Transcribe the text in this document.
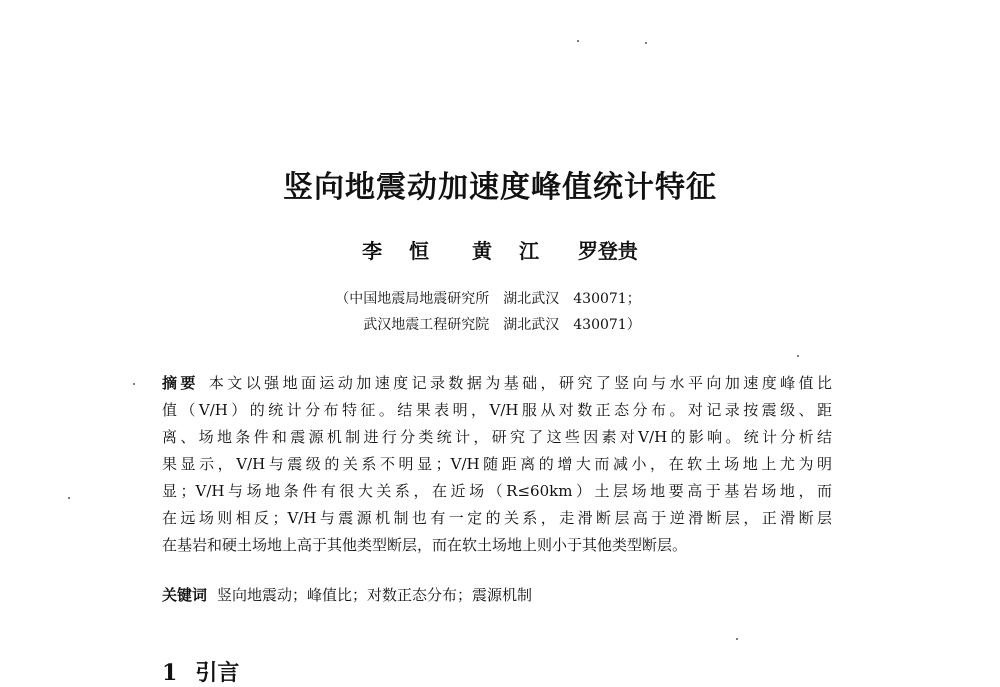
竖向地震动加速度峰值统计特征
李 恒 黄 江 罗登贵
（中国地震局地震研究所　湖北武汉　430071；
武汉地震工程研究院　湖北武汉　430071）
摘要 本文以强地面运动加速度记录数据为基础，研究了竖向与水平向加速度峰值比
值（V/H）的统计分布特征。结果表明，V/H服从对数正态分布。对记录按震级、距
离、场地条件和震源机制进行分类统计，研究了这些因素对V/H的影响。统计分析结
果显示，V/H与震级的关系不明显；V/H随距离的增大而减小，在软土场地上尤为明
显；V/H与场地条件有很大关系，在近场（R≤60km）土层场地要高于基岩场地，而
在远场则相反；V/H与震源机制也有一定的关系，走滑断层高于逆滑断层，正滑断层
在基岩和硬土场地上高于其他类型断层，而在软土场地上则小于其他类型断层。
关键词 竖向地震动；峰值比；对数正态分布；震源机制
1 引言
